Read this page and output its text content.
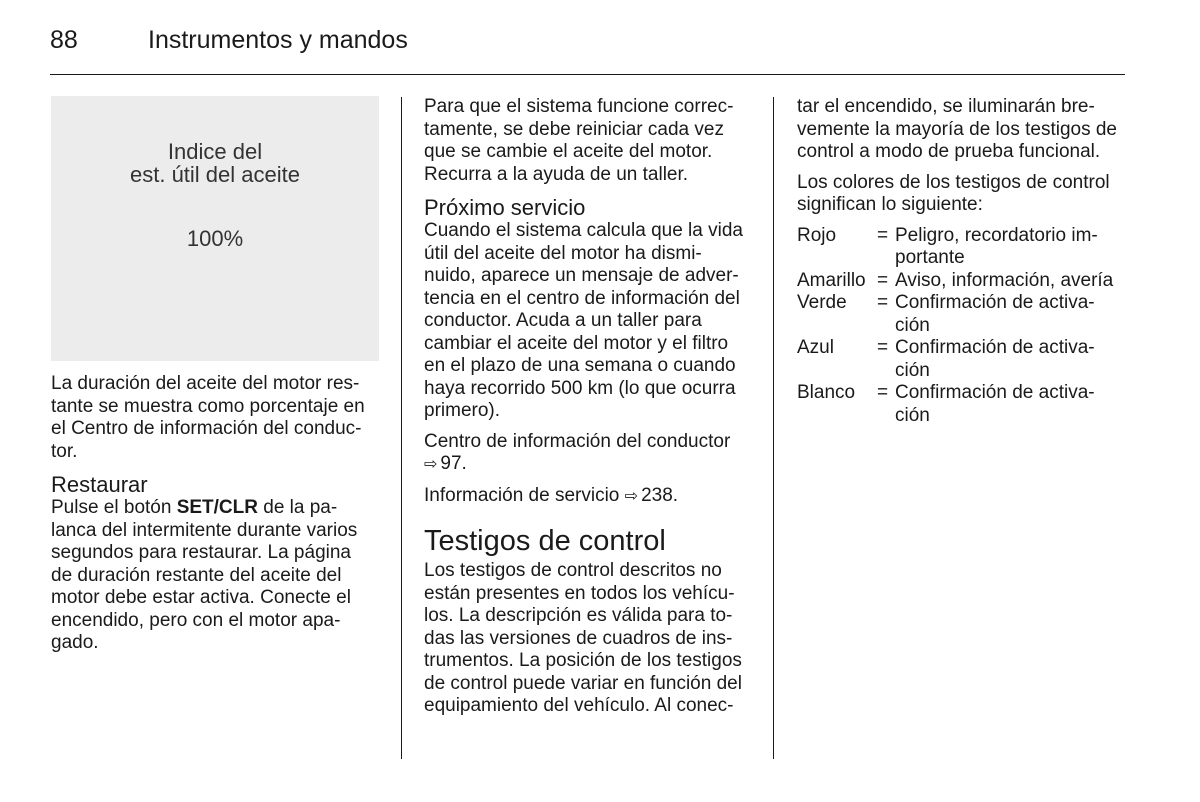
88	Instrumentos y mandos
Indice del
est. útil del aceite
100%

La duración del aceite del motor res-
tante se muestra como porcentaje en
el Centro de información del conduc-
tor.

Restaurar

Pulse el botón SET/CLR de la pa-
lanca del intermitente durante varios
segundos para restaurar. La página
de duración restante del aceite del
motor debe estar activa. Conecte el
encendido, pero con el motor apa-
gado.

Para que el sistema funcione correc-
tamente, se debe reiniciar cada vez
que se cambie el aceite del motor.
Recurra a la ayuda de un taller.

Próximo servicio

Cuando el sistema calcula que la vida
útil del aceite del motor ha dismi-
nuido, aparece un mensaje de adver-
tencia en el centro de información del
conductor. Acuda a un taller para
cambiar el aceite del motor y el filtro
en el plazo de una semana o cuando
haya recorrido 500 km (lo que ocurra
primero).

Centro de información del conductor
⇨ 97.

Información de servicio ⇨ 238.

Testigos de control

Los testigos de control descritos no
están presentes en todos los vehícu-
los. La descripción es válida para to-
das las versiones de cuadros de ins-
trumentos. La posición de los testigos
de control puede variar en función del
equipamiento del vehículo. Al conec-

tar el encendido, se iluminarán bre-
vemente la mayoría de los testigos de
control a modo de prueba funcional.

Los colores de los testigos de control
significan lo siguiente:

Rojo	= Peligro, recordatorio im-
portante
Amarillo = Aviso, información, avería
Verde	= Confirmación de activa-
ción
Azul	= Confirmación de activa-
ción
Blanco	= Confirmación de activa-
ción
